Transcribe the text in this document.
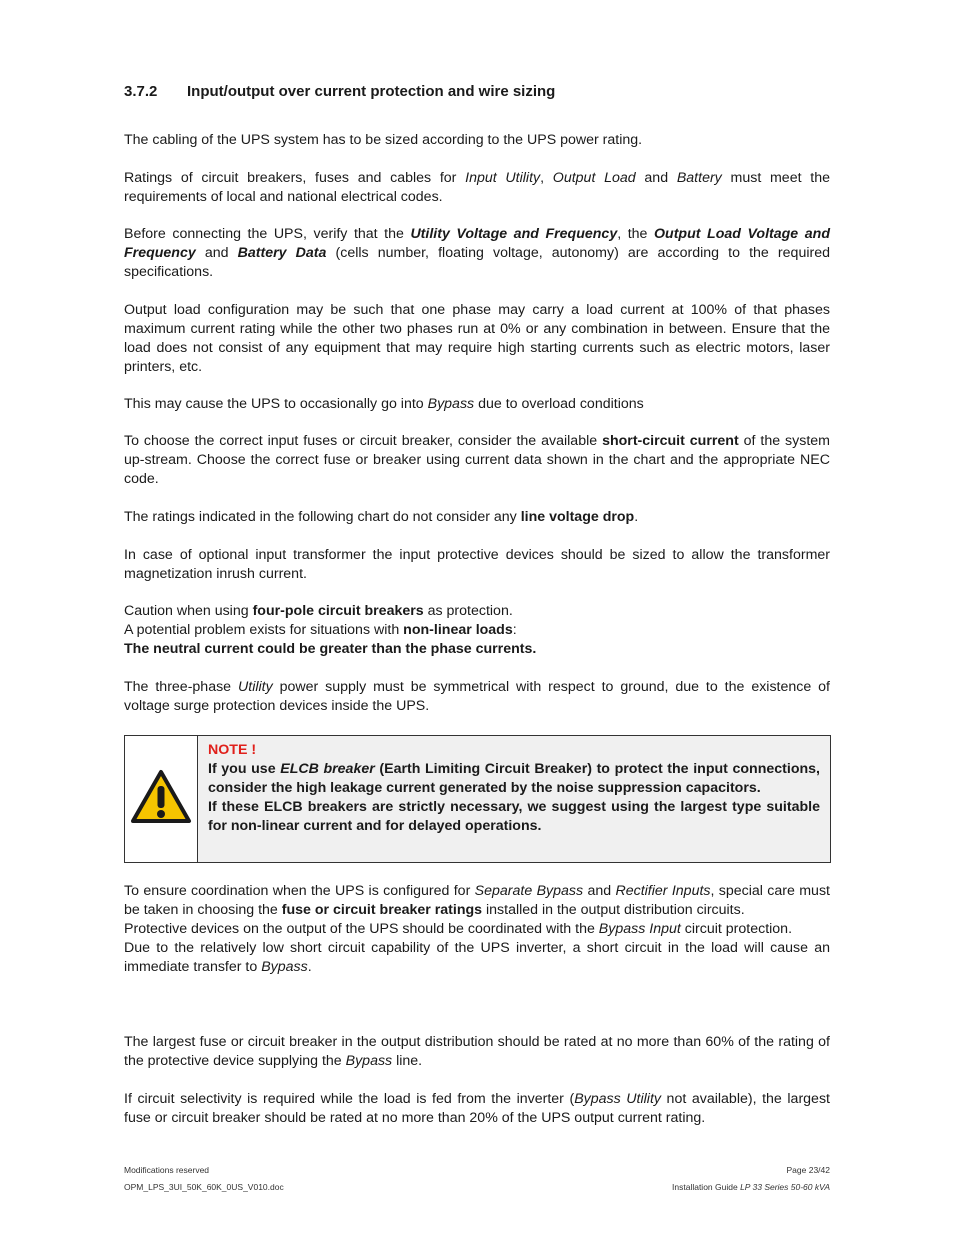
3.7.2	Input/output over current protection and wire sizing

The cabling of the UPS system has to be sized according to the UPS power rating.

Ratings of circuit breakers, fuses and cables for Input Utility, Output Load and Battery must meet the requirements of local and national electrical codes.

Before connecting the UPS, verify that the Utility Voltage and Frequency, the Output Load Voltage and Frequency and Battery Data (cells number, floating voltage, autonomy) are according to the required specifications.

Output load configuration may be such that one phase may carry a load current at 100% of that phases maximum current rating while the other two phases run at 0% or any combination in between. Ensure that the load does not consist of any equipment that may require high starting currents such as electric motors, laser printers, etc.

This may cause the UPS to occasionally go into Bypass due to overload conditions

To choose the correct input fuses or circuit breaker, consider the available short-circuit current of the system up-stream. Choose the correct fuse or breaker using current data shown in the chart and the appropriate NEC code.

The ratings indicated in the following chart do not consider any line voltage drop.

In case of optional input transformer the input protective devices should be sized to allow the transformer magnetization inrush current.

Caution when using four-pole circuit breakers as protection.
A potential problem exists for situations with non-linear loads:
The neutral current could be greater than the phase currents.

The three-phase Utility power supply must be symmetrical with respect to ground, due to the existence of voltage surge protection devices inside the UPS.

NOTE !
If you use ELCB breaker (Earth Limiting Circuit Breaker) to protect the input connections, consider the high leakage current generated by the noise suppression capacitors.
If these ELCB breakers are strictly necessary, we suggest using the largest type suitable for non-linear current and for delayed operations.

To ensure coordination when the UPS is configured for Separate Bypass and Rectifier Inputs, special care must be taken in choosing the fuse or circuit breaker ratings installed in the output distribution circuits.
Protective devices on the output of the UPS should be coordinated with the Bypass Input circuit protection.
Due to the relatively low short circuit capability of the UPS inverter, a short circuit in the load will cause an immediate transfer to Bypass.

The largest fuse or circuit breaker in the output distribution should be rated at no more than 60% of the rating of the protective device supplying the Bypass line.

If circuit selectivity is required while the load is fed from the inverter (Bypass Utility not available), the largest fuse or circuit breaker should be rated at no more than 20% of the UPS output current rating.

Modifications reserved	Page 23/42
OPM_LPS_3UI_50K_60K_0US_V010.doc	Installation Guide LP 33 Series 50-60 kVA
